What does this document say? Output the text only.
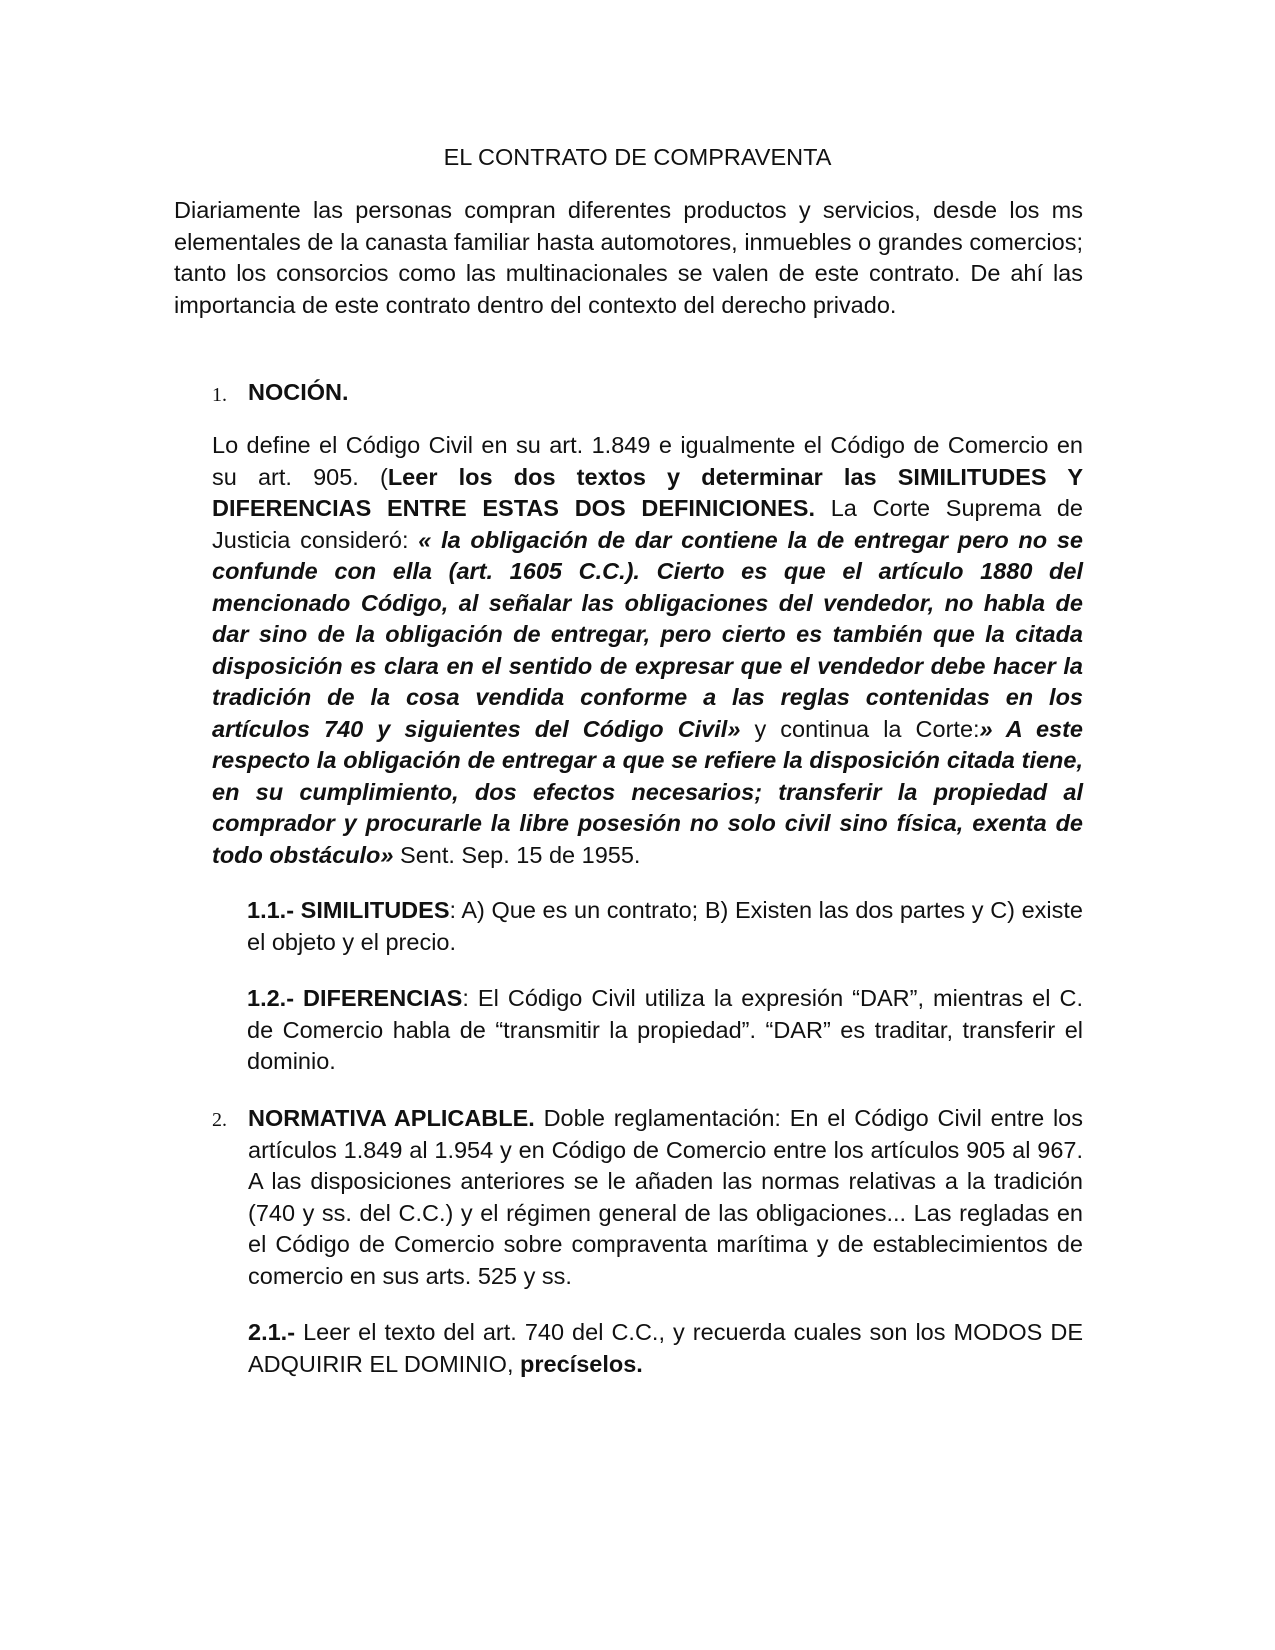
EL CONTRATO DE COMPRAVENTA

Diariamente las personas compran diferentes productos y servicios, desde los ms elementales de la canasta familiar hasta automotores, inmuebles o grandes comercios; tanto los consorcios como las multinacionales se valen de este contrato. De ahí las importancia de este contrato dentro del contexto del derecho privado.

1. NOCIÓN.

Lo define el Código Civil en su art. 1.849 e igualmente el Código de Comercio en su art. 905. (Leer los dos textos y determinar las SIMILITUDES Y DIFERENCIAS ENTRE ESTAS DOS DEFINICIONES. La Corte Suprema de Justicia consideró: « la obligación de dar contiene la de entregar pero no se confunde con ella (art. 1605 C.C.). Cierto es que el artículo 1880 del mencionado Código, al señalar las obligaciones del vendedor, no habla de dar sino de la obligación de entregar, pero cierto es también que la citada disposición es clara en el sentido de expresar que el vendedor debe hacer la tradición de la cosa vendida conforme a las reglas contenidas en los artículos 740 y siguientes del Código Civil» y continua la Corte:» A este respecto la obligación de entregar a que se refiere la disposición citada tiene, en su cumplimiento, dos efectos necesarios; transferir la propiedad al comprador y procurarle la libre posesión no solo civil sino física, exenta de todo obstáculo» Sent. Sep. 15 de 1955.

1.1.- SIMILITUDES: A) Que es un contrato; B) Existen las dos partes y C) existe el objeto y el precio.

1.2.- DIFERENCIAS: El Código Civil utiliza la expresión “DAR”, mientras el C. de Comercio habla de “transmitir la propiedad”. “DAR” es traditar, transferir el dominio.

2. NORMATIVA APLICABLE. Doble reglamentación: En el Código Civil entre los artículos 1.849 al 1.954 y en Código de Comercio entre los artículos 905 al 967. A las disposiciones anteriores se le añaden las normas relativas a la tradición (740 y ss. del C.C.) y el régimen general de las obligaciones... Las regladas en el Código de Comercio sobre compraventa marítima y de establecimientos de comercio en sus arts. 525 y ss.

2.1.- Leer el texto del art. 740 del C.C., y recuerda cuales son los MODOS DE ADQUIRIR EL DOMINIO, precíselos.
